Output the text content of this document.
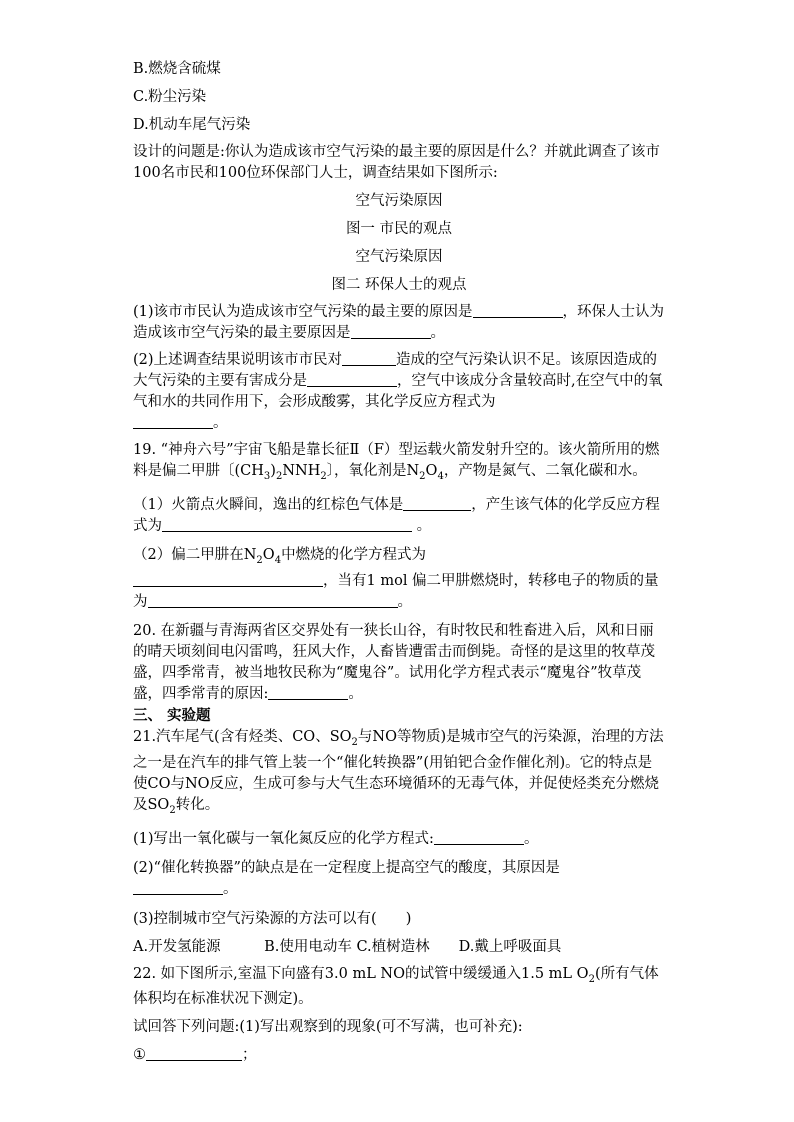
B.燃烧含硫煤
C.粉尘污染
D.机动车尾气污染
设计的问题是:你认为造成该市空气污染的最主要的原因是什么？并就此调查了该市100名市民和100位环保部门人士，调查结果如下图所示:
空气污染原因
图一 市民的观点
空气污染原因
图二 环保人士的观点
(1)该市市民认为造成该市空气污染的最主要的原因是	，环保人士认为造成该市空气污染的最主要原因是	。
(2)上述调查结果说明该市市民对	造成的空气污染认识不足。该原因造成的大气污染的主要有害成分是	，空气中该成分含量较高时,在空气中的氧气和水的共同作用下，会形成酸雾，其化学反应方程式为
。
19. “神舟六号”宇宙飞船是靠长征Ⅱ（F）型运载火箭发射升空的。该火箭所用的燃料是偏二甲肼〔$(CH_3)_2NNH_2$〕，氧化剂是$N_2O_4$，产物是氮气、二氧化碳和水。
（1）火箭点火瞬间，逸出的红棕色气体是	，产生该气体的化学反应方程式为	。
（2）偏二甲肼在$N_2O_4$中燃烧的化学方程式为
，当有1 mol 偏二甲肼燃烧时，转移电子的物质的量为	。
20. 在新疆与青海两省区交界处有一狭长山谷，有时牧民和牲畜进入后，风和日丽的晴天顷刻间电闪雷鸣，狂风大作，人畜皆遭雷击而倒毙。奇怪的是这里的牧草茂盛，四季常青，被当地牧民称为“魔鬼谷”。试用化学方程式表示“魔鬼谷”牧草茂盛，四季常青的原因:	。
三、 实验题
21.汽车尾气(含有烃类、CO、$SO_2$与NO等物质)是城市空气的污染源，治理的方法之一是在汽车的排气管上装一个“催化转换器”(用铂钯合金作催化剂)。它的特点是使CO与NO反应，生成可参与大气生态环境循环的无毒气体，并促使烃类充分燃烧及$SO_2$转化。
(1)写出一氧化碳与一氧化氮反应的化学方程式:	。
(2)“催化转换器”的缺点是在一定程度上提高空气的酸度，其原因是
。
(3)控制城市空气污染源的方法可以有(　　)
A.开发氢能源　　　B.使用电动车 C.植树造林　　D.戴上呼吸面具
22. 如下图所示,室温下向盛有3.0 mL NO的试管中缓缓通入1.5 mL $O_2$(所有气体体积均在标准状况下测定)。
试回答下列问题:(1)写出观察到的现象(可不写满，也可补充):
①	；
